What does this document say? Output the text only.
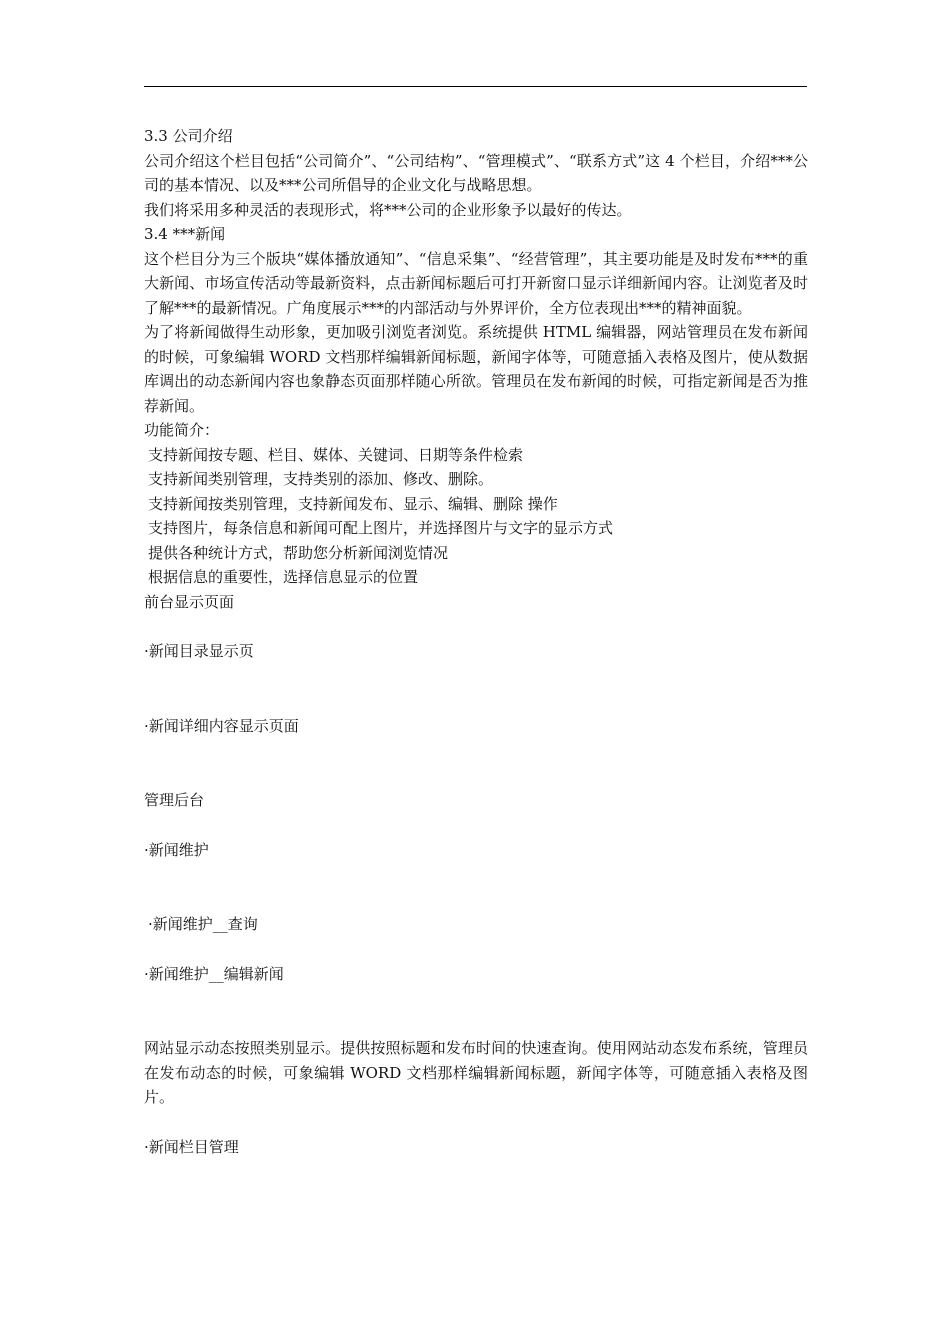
3.3 公司介绍

公司介绍这个栏目包括“公司简介”、“公司结构”、“管理模式”、“联系方式”这 4 个栏目，介绍***公司的基本情况、以及***公司所倡导的企业文化与战略思想。

我们将采用多种灵活的表现形式，将***公司的企业形象予以最好的传达。

3.4 ***新闻

这个栏目分为三个版块“媒体播放通知”、“信息采集”、“经营管理”，其主要功能是及时发布***的重大新闻、市场宣传活动等最新资料，点击新闻标题后可打开新窗口显示详细新闻内容。让浏览者及时了解***的最新情况。广角度展示***的内部活动与外界评价，全方位表现出***的精神面貌。

为了将新闻做得生动形象，更加吸引浏览者浏览。系统提供 HTML 编辑器，网站管理员在发布新闻的时候，可象编辑 WORD 文档那样编辑新闻标题，新闻字体等，可随意插入表格及图片，使从数据库调出的动态新闻内容也象静态页面那样随心所欲。管理员在发布新闻的时候，可指定新闻是否为推荐新闻。

功能简介：

支持新闻按专题、栏目、媒体、关键词、日期等条件检索

支持新闻类别管理，支持类别的添加、修改、删除。

支持新闻按类别管理，支持新闻发布、显示、编辑、删除 操作

支持图片，每条信息和新闻可配上图片，并选择图片与文字的显示方式

提供各种统计方式，帮助您分析新闻浏览情况

根据信息的重要性，选择信息显示的位置

前台显示页面

·新闻目录显示页

·新闻详细内容显示页面

管理后台

·新闻维护

·新闻维护__查询

·新闻维护__编辑新闻

网站显示动态按照类别显示。提供按照标题和发布时间的快速查询。使用网站动态发布系统，管理员在发布动态的时候，可象编辑 WORD 文档那样编辑新闻标题，新闻字体等，可随意插入表格及图片。

·新闻栏目管理
